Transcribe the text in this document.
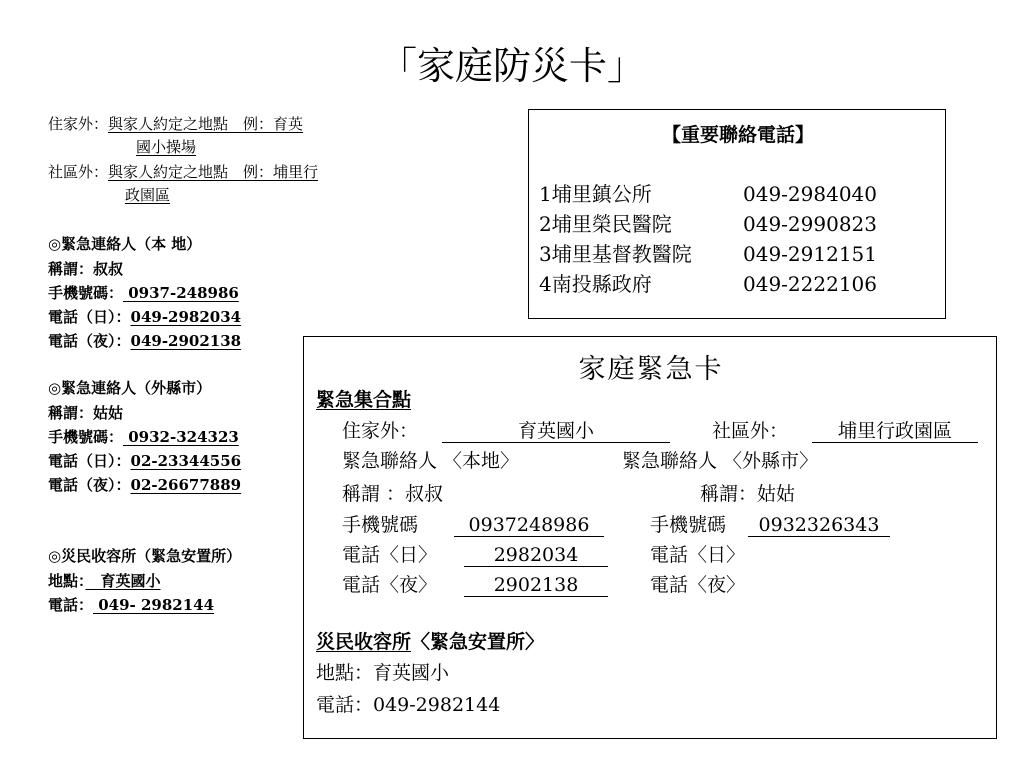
「家庭防災卡」
住家外：與家人約定之地點　例：育英
國小操場
社區外：與家人約定之地點　例：埔里行
政園區
◎緊急連絡人（本 地）
稱謂：叔叔
手機號碼： 0937-248986
電話（日）：049-2982034
電話（夜）：049-2902138
◎緊急連絡人（外縣市）
稱謂：姑姑
手機號碼： 0932-324323
電話（日）：02-23344556
電話（夜）：02-26677889
◎災民收容所（緊急安置所）
地點：　育英國小
電話： 049- 2982144
【重要聯絡電話】
1埔里鎮公所	049-2984040
2埔里榮民醫院	049-2990823
3埔里基督教醫院	049-2912151
4南投縣政府	049-2222106
家庭緊急卡
緊急集合點
住家外：	育英國小	社區外：	埔里行政園區
緊急聯絡人 〈本地〉	緊急聯絡人 〈外縣市〉
稱謂 ：叔叔	稱謂：姑姑
手機號碼	0937248986	手機號碼	0932326343
電話〈日〉	2982034	電話〈日〉
電話〈夜〉	2902138	電話〈夜〉
災民收容所〈緊急安置所〉
地點：育英國小
電話：049-2982144
